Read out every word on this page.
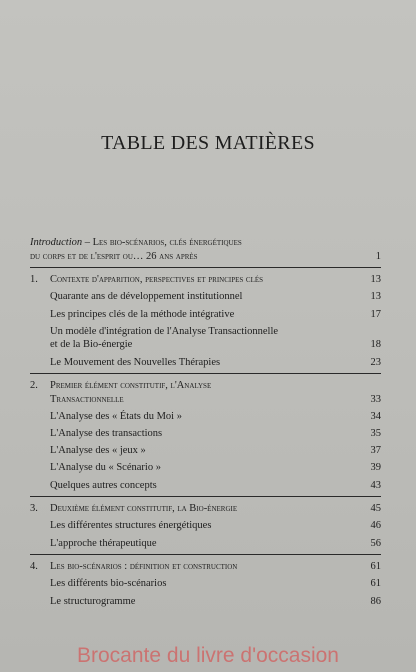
TABLE DES MATIÈRES
Introduction – Les bio-scénarios, clés énergétiques
du corps et de l'esprit ou… 26 ans après	1
1.	Contexte d'apparition, perspectives et principes clés	13
Quarante ans de développement institutionnel	13
Les principes clés de la méthode intégrative	17
Un modèle d'intégration de l'Analyse Transactionnelle
et de la Bio-énergie	18
Le Mouvement des Nouvelles Thérapies	23
2.	Premier élément constitutif, l'Analyse
Transactionnelle	33
L'Analyse des « États du Moi »	34
L'Analyse des transactions	35
L'Analyse des « jeux »	37
L'Analyse du « Scénario »	39
Quelques autres concepts	43
3.	Deuxième élément constitutif, la Bio-énergie	45
Les différentes structures énergétiques	46
L'approche thérapeutique	56
4.	Les bio-scénarios : définition et construction	61
Les différents bio-scénarios	61
Le structurogramme	86
Brocante du livre d'occasion
